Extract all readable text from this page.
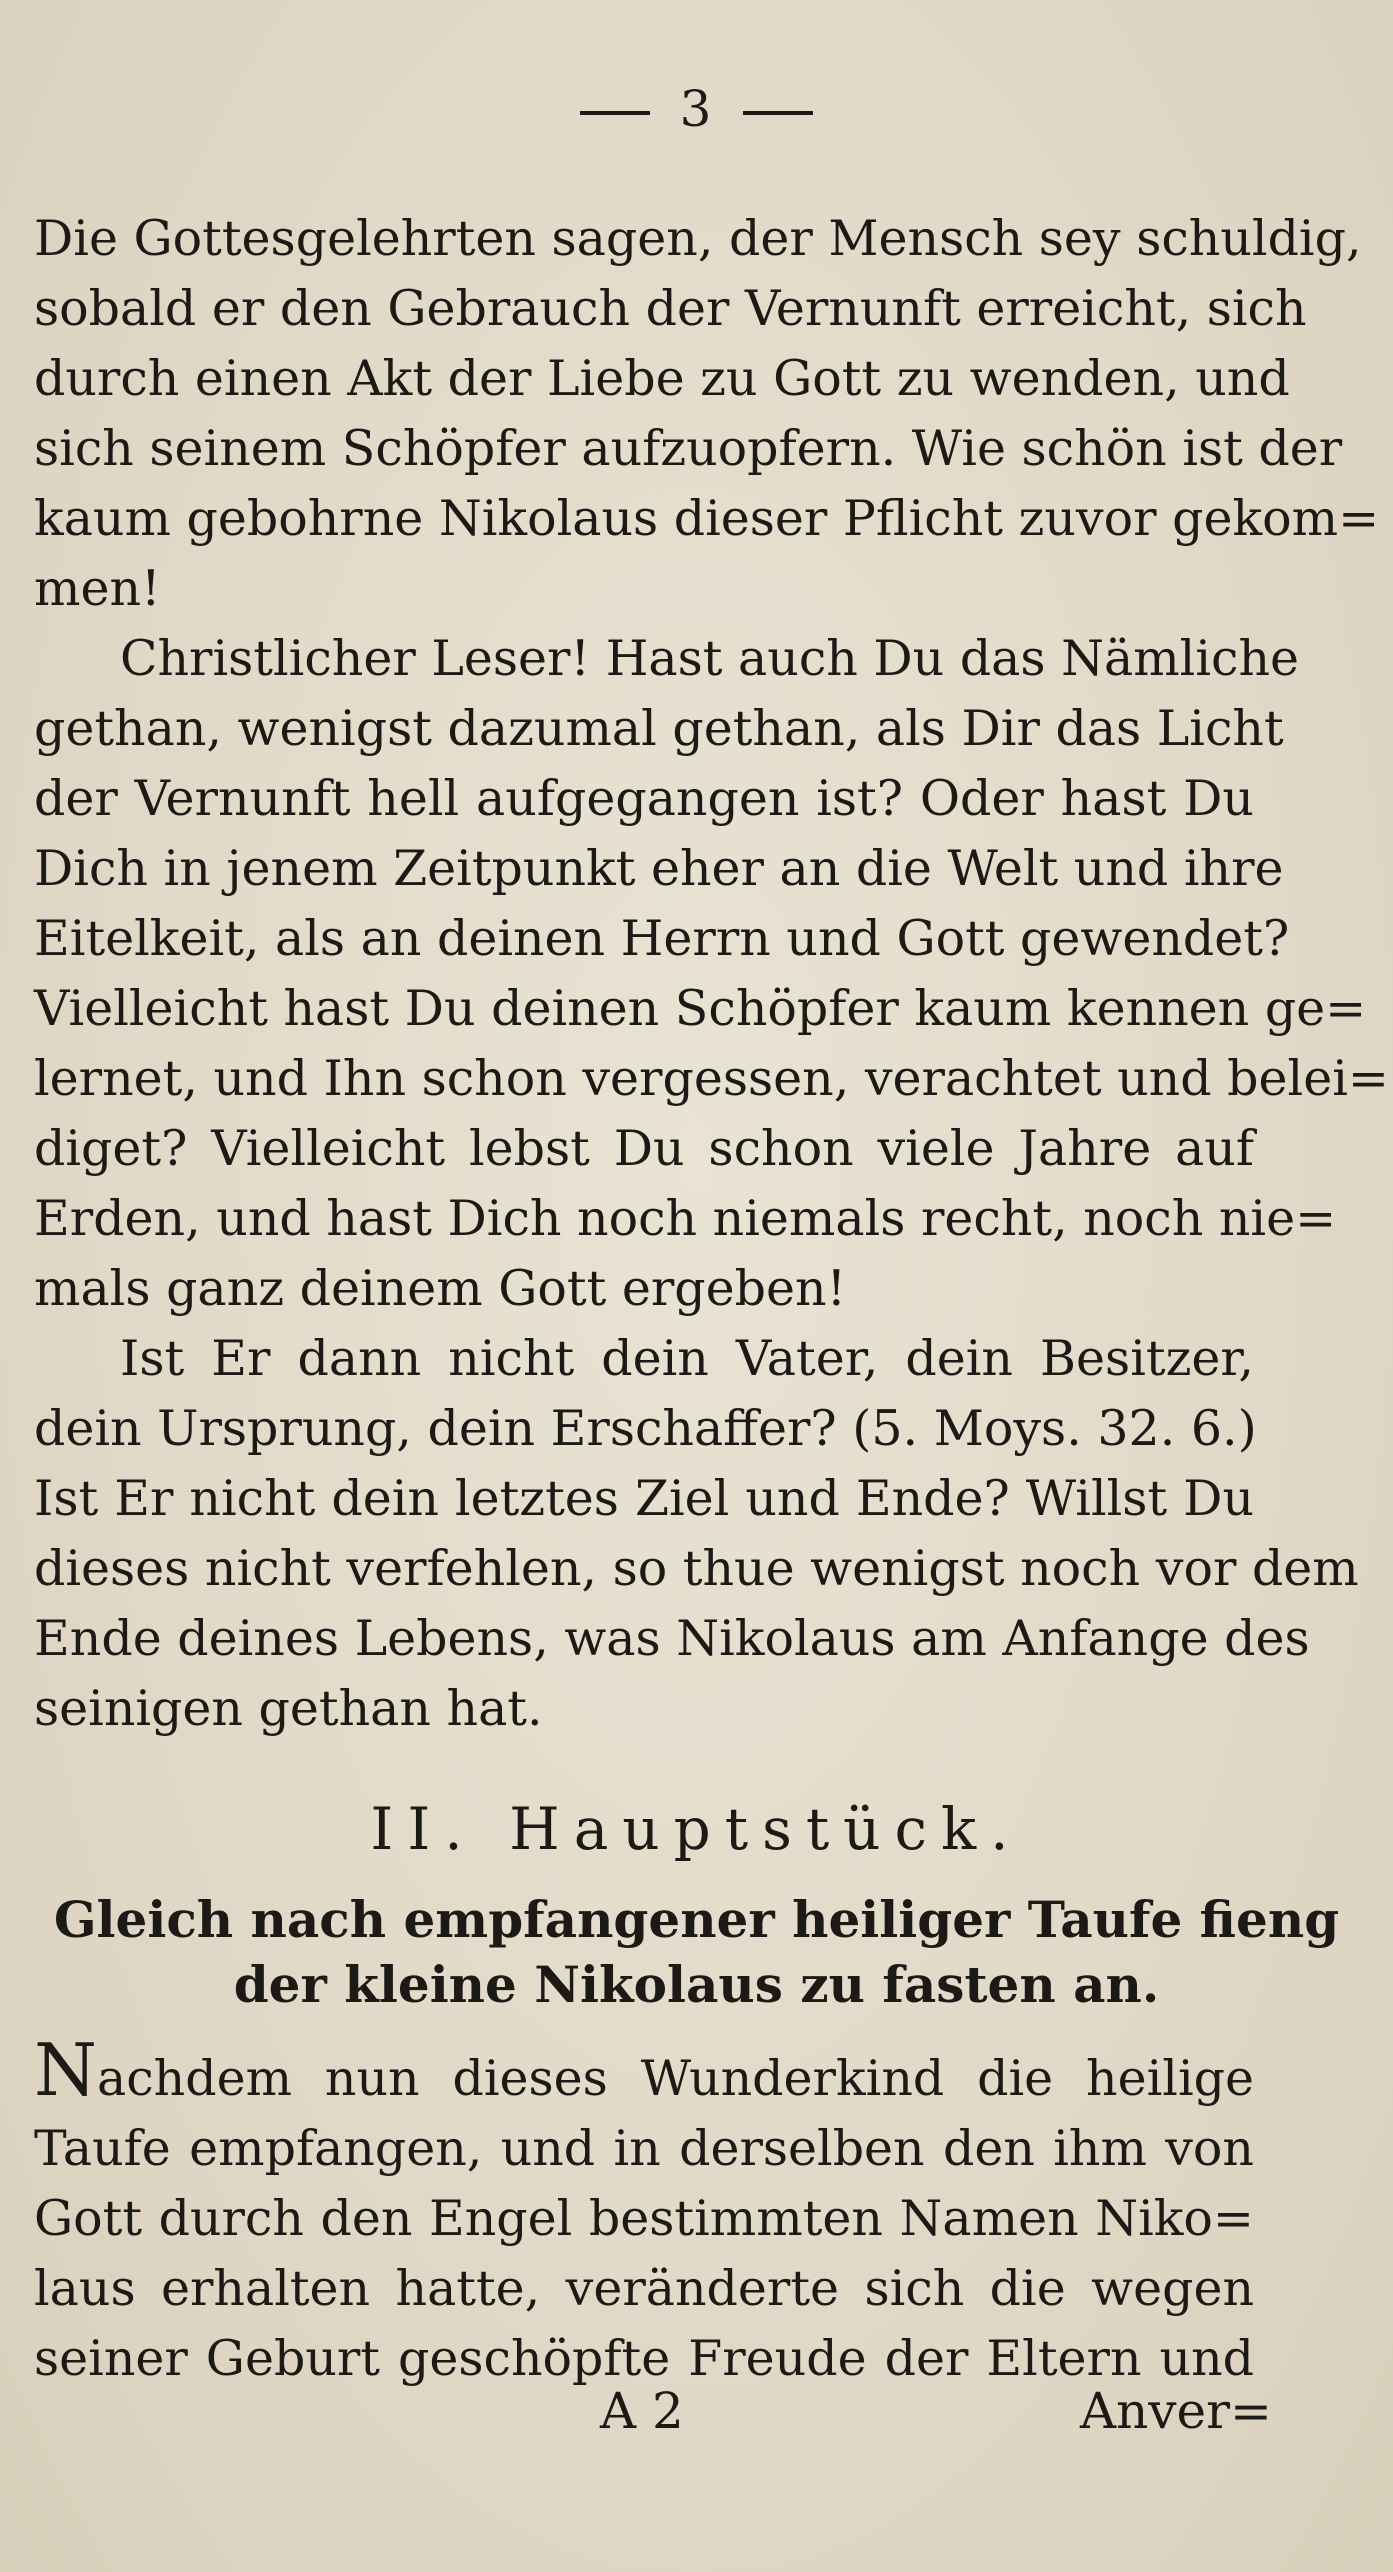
3
Die Gottesgelehrten sagen, der Mensch sey schuldig,
sobald er den Gebrauch der Vernunft erreicht, sich
durch einen Akt der Liebe zu Gott zu wenden, und
sich seinem Schöpfer aufzuopfern. Wie schön ist der
kaum gebohrne Nikolaus dieser Pflicht zuvor gekom=
men!
Christlicher Leser! Hast auch Du das Nämliche
gethan, wenigst dazumal gethan, als Dir das Licht
der Vernunft hell aufgegangen ist? Oder hast Du
Dich in jenem Zeitpunkt eher an die Welt und ihre
Eitelkeit, als an deinen Herrn und Gott gewendet?
Vielleicht hast Du deinen Schöpfer kaum kennen ge=
lernet, und Ihn schon vergessen, verachtet und belei=
diget? Vielleicht lebst Du schon viele Jahre auf
Erden, und hast Dich noch niemals recht, noch nie=
mals ganz deinem Gott ergeben!
Ist Er dann nicht dein Vater, dein Besitzer,
dein Ursprung, dein Erschaffer? (5. Moys. 32. 6.)
Ist Er nicht dein letztes Ziel und Ende? Willst Du
dieses nicht verfehlen, so thue wenigst noch vor dem
Ende deines Lebens, was Nikolaus am Anfange des
seinigen gethan hat.
II. Hauptstück.
Gleich nach empfangener heiliger Taufe fieng
der kleine Nikolaus zu fasten an.
Nachdem nun dieses Wunderkind die heilige
Taufe empfangen, und in derselben den ihm von
Gott durch den Engel bestimmten Namen Niko=
laus erhalten hatte, veränderte sich die wegen
seiner Geburt geschöpfte Freude der Eltern und
A 2	Anver=
